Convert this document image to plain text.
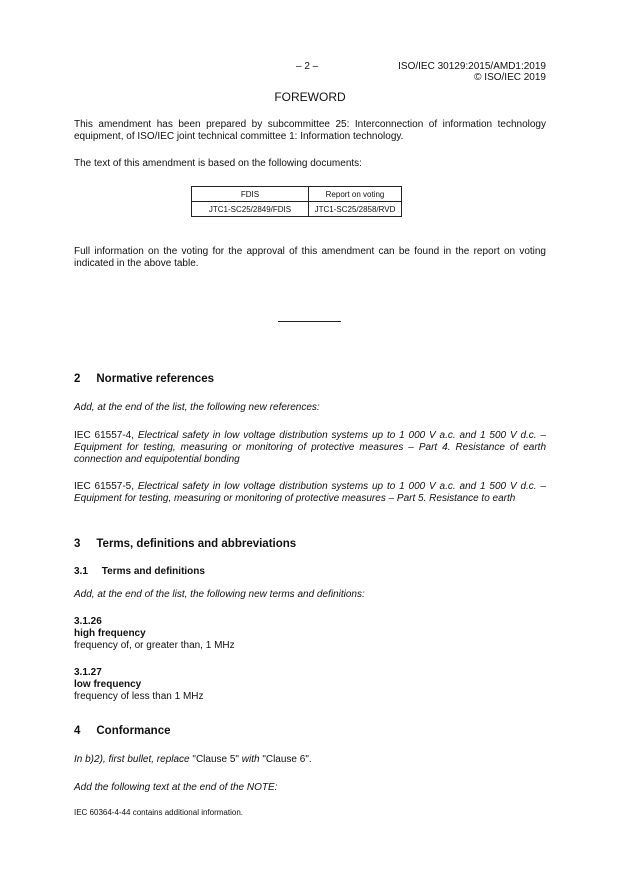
– 2 –	ISO/IEC 30129:2015/AMD1:2019
© ISO/IEC 2019
FOREWORD
This amendment has been prepared by subcommittee 25: Interconnection of information technology equipment, of ISO/IEC joint technical committee 1: Information technology.
The text of this amendment is based on the following documents:
FDIS	Report on voting
JTC1-SC25/2849/FDIS	JTC1-SC25/2858/RVD
Full information on the voting for the approval of this amendment can be found in the report on voting indicated in the above table.
2     Normative references
Add, at the end of the list, the following new references:
IEC 61557-4, Electrical safety in low voltage distribution systems up to 1 000 V a.c. and 1 500 V d.c. – Equipment for testing, measuring or monitoring of protective measures – Part 4. Resistance of earth connection and equipotential bonding
IEC 61557-5, Electrical safety in low voltage distribution systems up to 1 000 V a.c. and 1 500 V d.c. – Equipment for testing, measuring or monitoring of protective measures – Part 5. Resistance to earth
3     Terms, definitions and abbreviations
3.1     Terms and definitions
Add, at the end of the list, the following new terms and definitions:
3.1.26
high frequency
frequency of, or greater than, 1 MHz
3.1.27
low frequency
frequency of less than 1 MHz
4     Conformance
In b)2), first bullet, replace "Clause 5" with "Clause 6".
Add the following text at the end of the NOTE:
IEC 60364-4-44 contains additional information.
